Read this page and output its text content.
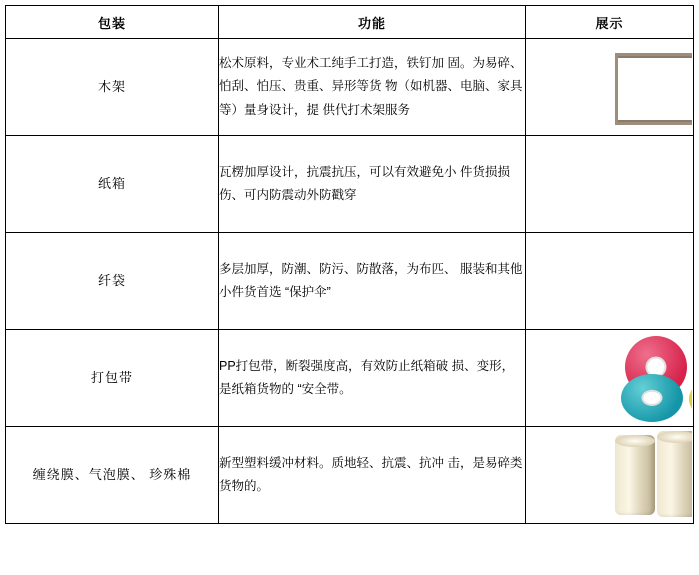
包装	功能	展示
木架	松术原料，专业术工纯手工打造，铁钉加 固。为易碎、怕刮、怕压、贵重、异形等货 物（如机器、电脑、家具等）量身设计，提 供代打术架服务	

纸箱	瓦楞加厚设计，抗震抗压，可以有效避免小 件货损损伤、可内防震动外防戳穿	

纤袋	多层加厚，防潮、防污、防散落，为布匹、 服装和其他小件货首选 “保护伞”	

打包带	PP打包带，断裂强度高，有效防止纸箱破 损、变形，是纸箱货物的 “安全带。	

缠绕膜、气泡膜、 珍殊棉	新型塑料缓冲材料。质地轻、抗震、抗冲 击，是易碎类货物的。	
